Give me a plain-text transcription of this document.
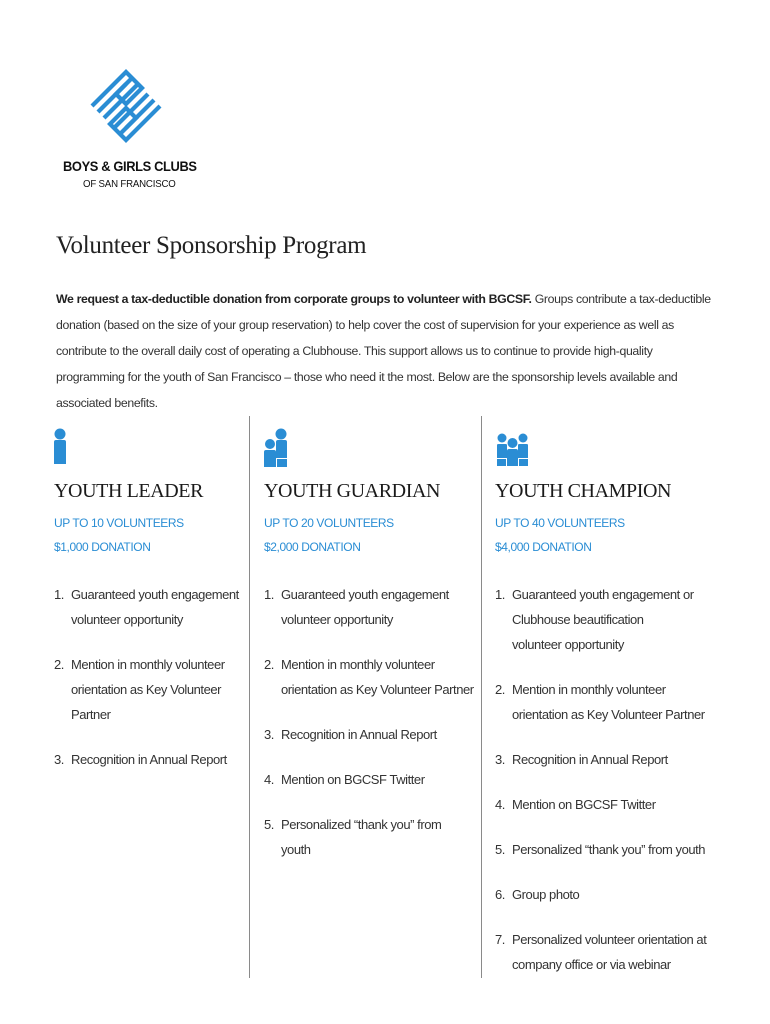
BOYS & GIRLS CLUBS
OF SAN FRANCISCO
Volunteer Sponsorship Program
We request a tax-deductible donation from corporate groups to volunteer with BGCSF. Groups contribute a tax-deductible donation (based on the size of your group reservation) to help cover the cost of supervision for your experience as well as contribute to the overall daily cost of operating a Clubhouse. This support allows us to continue to provide high-quality programming for the youth of San Francisco – those who need it the most. Below are the sponsorship levels available and associated benefits.
YOUTH LEADER
UP TO 10 VOLUNTEERS
$1,000 DONATION
1. Guaranteed youth engagement
volunteer opportunity
2. Mention in monthly volunteer
orientation as Key Volunteer Partner
3. Recognition in Annual Report
YOUTH GUARDIAN
UP TO 20 VOLUNTEERS
$2,000 DONATION
1. Guaranteed youth engagement
volunteer opportunity
2. Mention in monthly volunteer
orientation as Key Volunteer Partner
3. Recognition in Annual Report
4. Mention on BGCSF Twitter
5. Personalized “thank you” from youth
YOUTH CHAMPION
UP TO 40 VOLUNTEERS
$4,000 DONATION
1. Guaranteed youth engagement or
Clubhouse beautification
volunteer opportunity
2. Mention in monthly volunteer
orientation as Key Volunteer Partner
3. Recognition in Annual Report
4. Mention on BGCSF Twitter
5. Personalized “thank you” from youth
6. Group photo
7. Personalized volunteer orientation at
company office or via webinar
